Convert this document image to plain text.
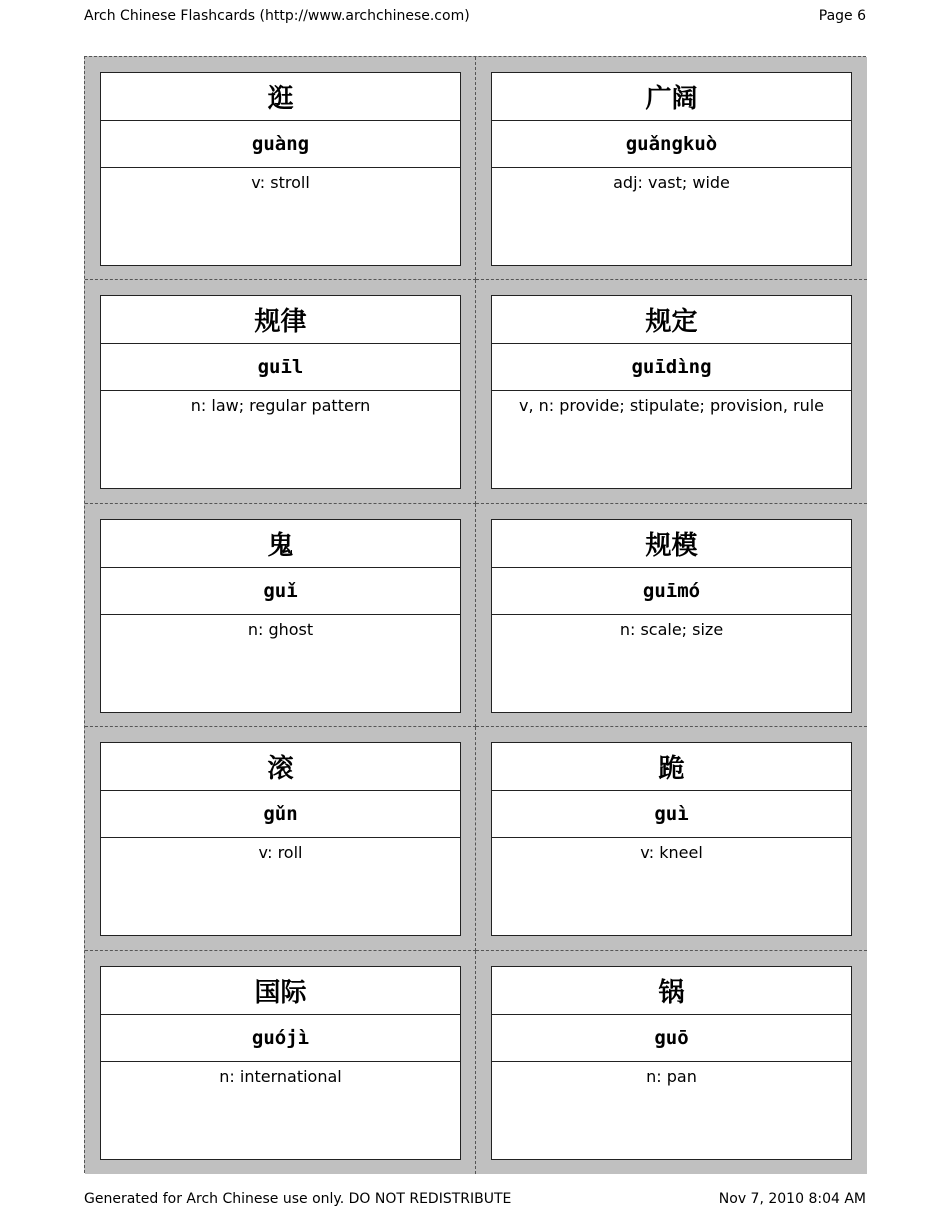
Arch Chinese Flashcards (http://www.archchinese.com)	Page 6
逛
guàng
v: stroll
广阔
guǎngkuò
adj: vast; wide
规律
guīl
n: law; regular pattern
规定
guīdìng
v, n: provide; stipulate; provision, rule
鬼
guǐ
n: ghost
规模
guīmó
n: scale; size
滚
gǔn
v: roll
跪
guì
v: kneel
国际
guójì
n: international
锅
guō
n: pan
Generated for Arch Chinese use only. DO NOT REDISTRIBUTE	Nov 7, 2010 8:04 AM
